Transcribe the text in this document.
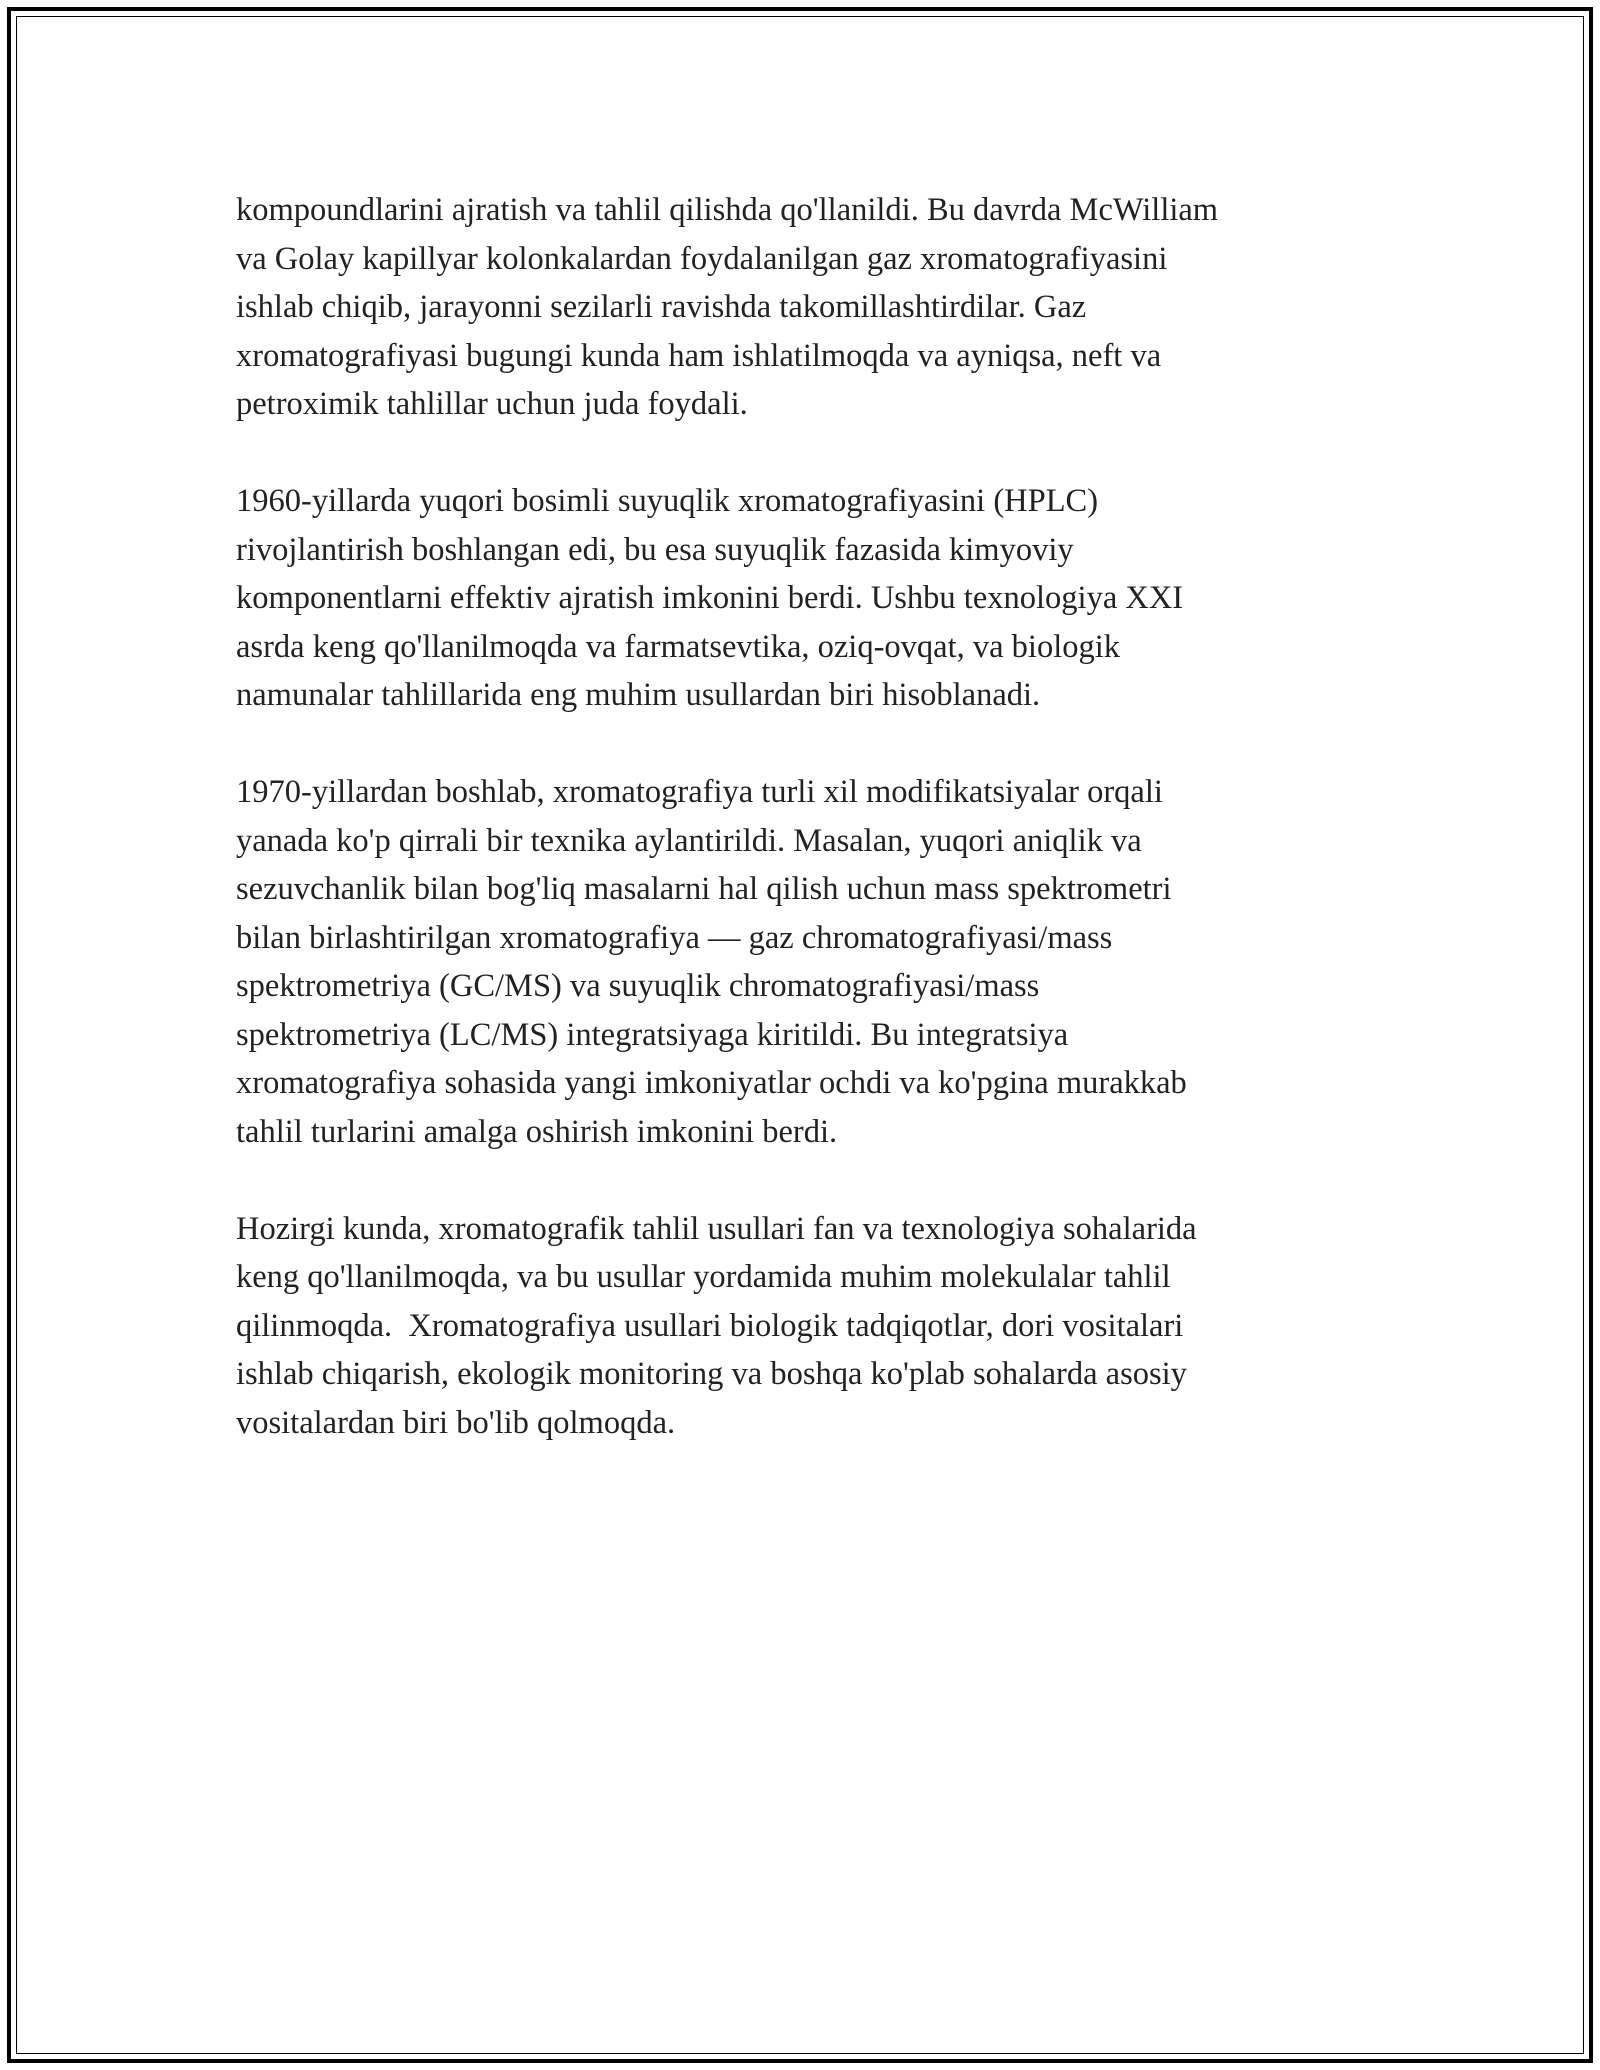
kompoundlarini ajratish va tahlil qilishda qo'llanildi. Bu davrda McWilliam
va Golay kapillyar kolonkalardan foydalanilgan gaz xromatografiyasini
ishlab chiqib, jarayonni sezilarli ravishda takomillashtirdilar. Gaz
xromatografiyasi bugungi kunda ham ishlatilmoqda va ayniqsa, neft va
petroximik tahlillar uchun juda foydali.

1960-yillarda yuqori bosimli suyuqlik xromatografiyasini (HPLC)
rivojlantirish boshlangan edi, bu esa suyuqlik fazasida kimyoviy
komponentlarni effektiv ajratish imkonini berdi. Ushbu texnologiya XXI
asrda keng qo'llanilmoqda va farmatsevtika, oziq-ovqat, va biologik
namunalar tahlillarida eng muhim usullardan biri hisoblanadi.

1970-yillardan boshlab, xromatografiya turli xil modifikatsiyalar orqali
yanada ko'p qirrali bir texnika aylantirildi. Masalan, yuqori aniqlik va
sezuvchanlik bilan bog'liq masalarni hal qilish uchun mass spektrometri
bilan birlashtirilgan xromatografiya — gaz chromatografiyasi/mass
spektrometriya (GC/MS) va suyuqlik chromatografiyasi/mass
spektrometriya (LC/MS) integratsiyaga kiritildi. Bu integratsiya
xromatografiya sohasida yangi imkoniyatlar ochdi va ko'pgina murakkab
tahlil turlarini amalga oshirish imkonini berdi.

Hozirgi kunda, xromatografik tahlil usullari fan va texnologiya sohalarida
keng qo'llanilmoqda, va bu usullar yordamida muhim molekulalar tahlil
qilinmoqda.  Xromatografiya usullari biologik tadqiqotlar, dori vositalari
ishlab chiqarish, ekologik monitoring va boshqa ko'plab sohalarda asosiy
vositalardan biri bo'lib qolmoqda.
